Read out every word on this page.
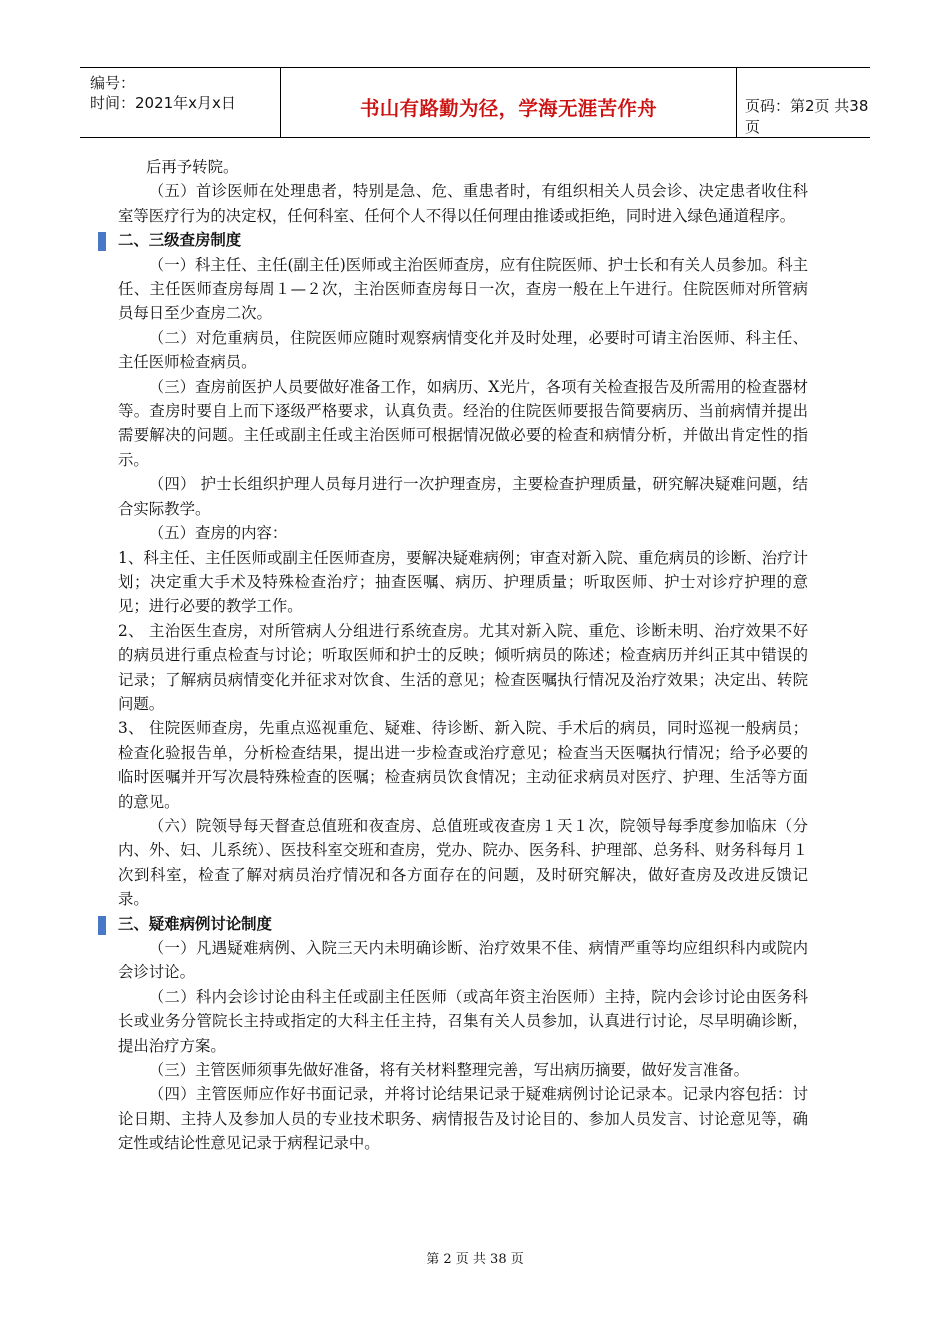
编号：
时间：2021年x月x日	书山有路勤为径，学海无涯苦作舟	页码：第2页 共38页

后再予转院。

（五）首诊医师在处理患者，特别是急、危、重患者时，有组织相关人员会诊、决定患者收住科室等医疗行为的决定权，任何科室、任何个人不得以任何理由推诿或拒绝，同时进入绿色通道程序。

二、三级查房制度

（一）科主任、主任(副主任)医师或主治医师查房，应有住院医师、护士长和有关人员参加。科主任、主任医师查房每周１—２次，主治医师查房每日一次，查房一般在上午进行。住院医师对所管病员每日至少查房二次。

（二）对危重病员，住院医师应随时观察病情变化并及时处理，必要时可请主治医师、科主任、主任医师检查病员。

（三）查房前医护人员要做好准备工作，如病历、X光片，各项有关检查报告及所需用的检查器材等。查房时要自上而下逐级严格要求，认真负责。经治的住院医师要报告简要病历、当前病情并提出需要解决的问题。主任或副主任或主治医师可根据情况做必要的检查和病情分析，并做出肯定性的指示。

（四） 护士长组织护理人员每月进行一次护理查房，主要检查护理质量，研究解决疑难问题，结合实际教学。

（五）查房的内容：

1、科主任、主任医师或副主任医师查房，要解决疑难病例；审查对新入院、重危病员的诊断、治疗计划；决定重大手术及特殊检查治疗；抽查医嘱、病历、护理质量；听取医师、护士对诊疗护理的意见；进行必要的教学工作。

2、 主治医生查房，对所管病人分组进行系统查房。尤其对新入院、重危、诊断未明、治疗效果不好的病员进行重点检查与讨论；听取医师和护士的反映；倾听病员的陈述；检查病历并纠正其中错误的记录；了解病员病情变化并征求对饮食、生活的意见；检查医嘱执行情况及治疗效果；决定出、转院问题。

3、 住院医师查房，先重点巡视重危、疑难、待诊断、新入院、手术后的病员，同时巡视一般病员；检查化验报告单，分析检查结果，提出进一步检查或治疗意见；检查当天医嘱执行情况；给予必要的临时医嘱并开写次晨特殊检查的医嘱；检查病员饮食情况；主动征求病员对医疗、护理、生活等方面的意见。

（六）院领导每天督查总值班和夜查房、总值班或夜查房１天１次，院领导每季度参加临床（分内、外、妇、儿系统）、医技科室交班和查房，党办、院办、医务科、护理部、总务科、财务科每月１次到科室，检查了解对病员治疗情况和各方面存在的问题，及时研究解决，做好查房及改进反馈记录。

三、疑难病例讨论制度

（一）凡遇疑难病例、入院三天内未明确诊断、治疗效果不佳、病情严重等均应组织科内或院内会诊讨论。

（二）科内会诊讨论由科主任或副主任医师（或高年资主治医师）主持，院内会诊讨论由医务科长或业务分管院长主持或指定的大科主任主持，召集有关人员参加，认真进行讨论，尽早明确诊断，提出治疗方案。

（三）主管医师须事先做好准备，将有关材料整理完善，写出病历摘要，做好发言准备。

（四）主管医师应作好书面记录，并将讨论结果记录于疑难病例讨论记录本。记录内容包括：讨论日期、主持人及参加人员的专业技术职务、病情报告及讨论目的、参加人员发言、讨论意见等，确定性或结论性意见记录于病程记录中。

第 2 页 共 38 页
